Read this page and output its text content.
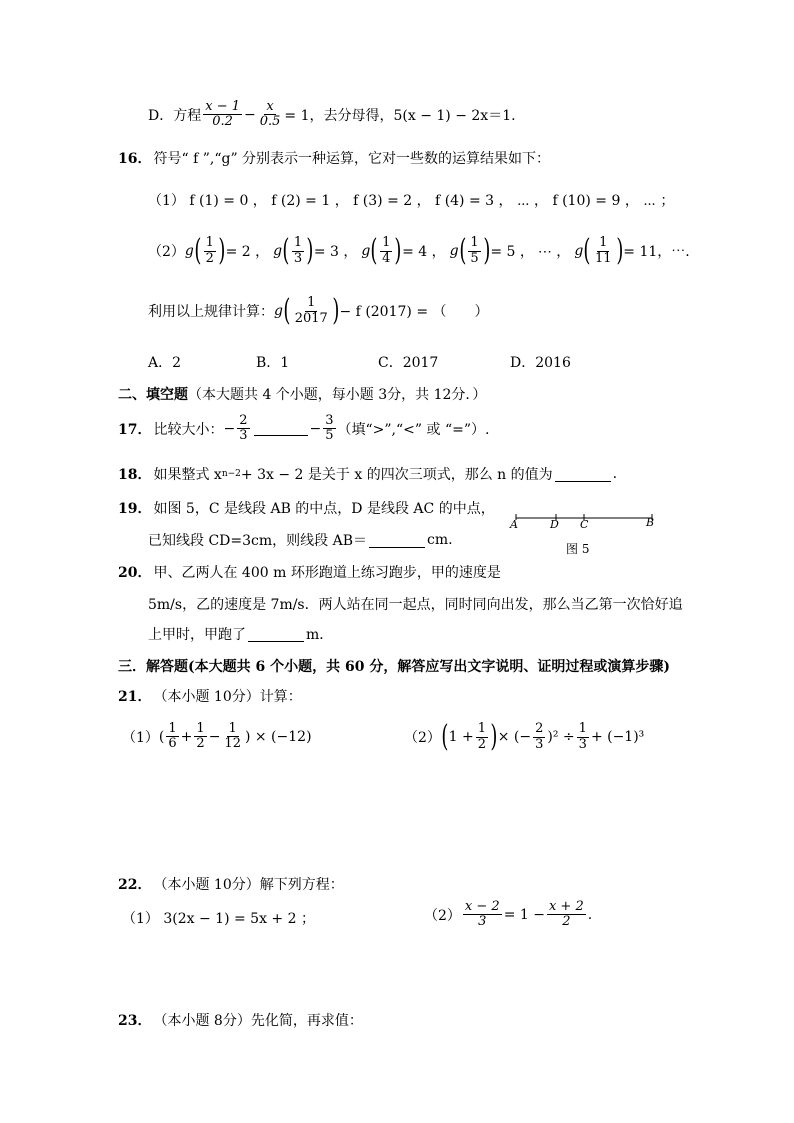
D．方程 $\frac{x - 1}{0.2} - \frac{x}{0.5} = 1$，去分母得，5(x − 1) − 2x＝1.
16． 符号“ f ”,“g” 分别表示一种运算，它对一些数的运算结果如下：
（1） f (1) = 0 ， f (2) = 1 ， f (3) = 2 ， f (4) = 3 ， ⋯ ， f (10) = 9 ， ⋯ ；
（2） g ( $\frac{1}{2}$ ) = 2 ， g ( $\frac{1}{3}$ ) = 3 ， g ( $\frac{1}{4}$ ) = 4 ， g ( $\frac{1}{5}$ ) = 5 ， ⋯ ， g ( $\frac{1}{11}$ ) = 11，⋯.
利用以上规律计算： g ( $\frac{1}{2017}$ ) − f (2017) = （　　）
A．2	B．1	C．2017	D．2016
二、填空题 （本大题共 4 个小题，每小题 3分，共 12分．）
17． 比较大小： − $\frac{2}{3}$	− $\frac{3}{5}$ （填“>”,“<” 或 “=”）.
18． 如果整式 x n−2 + 3x − 2 是关于 x 的四次三项式，那么 n 的值为	.
19． 如图 5，C 是线段 AB 的中点，D 是线段 AC 的中点，
已知线段 CD=3cm，则线段 AB＝	cm.
A	D C	B
图 5
20． 甲、乙两人在 400 m 环形跑道上练习跑步，甲的速度是
5m/s，乙的速度是 7m/s．两人站在同一起点，同时同向出发，那么当乙第一次恰好追
上甲时，甲跑了	m．
三．解答题 (本大题共 6 个小题，共 60 分，解答应写出文字说明、证明过程或演算步骤)
21． （本小题 10分）计算：
（1） ( $\frac{1}{6} + \frac{1}{2} - \frac{1}{12}$ ) × (−12)	（2） ( $1 + \frac{1}{2}$ ) × (− $\frac{2}{3} )^2 \div \frac{1}{3} + (-1)^3$
22． （本小题 10分）解下列方程：
（1） 3(2x − 1) = 5x + 2 ；	$(2) \frac{x - 2}{3} = 1 - \frac{x + 2}{2}$ .
23． （本小题 8分）先化简，再求值：
